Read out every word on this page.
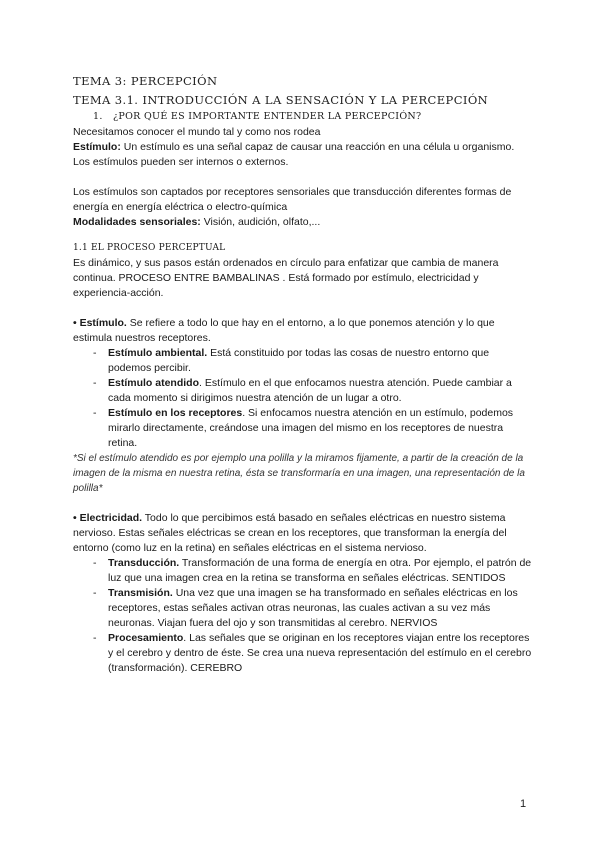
TEMA 3: PERCEPCIÓN
TEMA 3.1. INTRODUCCIÓN A LA SENSACIÓN Y LA PERCEPCIÓN
1. ¿POR QUÉ ES IMPORTANTE ENTENDER LA PERCEPCIÓN?

Necesitamos conocer el mundo tal y como nos rodea

Estímulo: Un estímulo es una señal capaz de causar una reacción en una célula u organismo. Los estímulos pueden ser internos o externos.

Los estímulos son captados por receptores sensoriales que transducción diferentes formas de energía en energía eléctrica o electro-química

Modalidades sensoriales: Visión, audición, olfato,...

1.1 EL PROCESO PERCEPTUAL

Es dinámico, y sus pasos están ordenados en círculo para enfatizar que cambia de manera continua. PROCESO ENTRE BAMBALINAS . Está formado por estímulo, electricidad y experiencia-acción.

• Estímulo. Se refiere a todo lo que hay en el entorno, a lo que ponemos atención y lo que estimula nuestros receptores.

- Estímulo ambiental. Está constituido por todas las cosas de nuestro entorno que podemos percibir.
- Estímulo atendido. Estímulo en el que enfocamos nuestra atención. Puede cambiar a cada momento si dirigimos nuestra atención de un lugar a otro.
- Estímulo en los receptores. Si enfocamos nuestra atención en un estímulo, podemos mirarlo directamente, creándose una imagen del mismo en los receptores de nuestra retina.

*Si el estímulo atendido es por ejemplo una polilla y la miramos fijamente, a partir de la creación de la imagen de la misma en nuestra retina, ésta se transformaría en una imagen, una representación de la polilla*

• Electricidad. Todo lo que percibimos está basado en señales eléctricas en nuestro sistema nervioso. Estas señales eléctricas se crean en los receptores, que transforman la energía del entorno (como luz en la retina) en señales eléctricas en el sistema nervioso.

- Transducción. Transformación de una forma de energía en otra. Por ejemplo, el patrón de luz que una imagen crea en la retina se transforma en señales eléctricas. SENTIDOS
- Transmisión. Una vez que una imagen se ha transformado en señales eléctricas en los receptores, estas señales activan otras neuronas, las cuales activan a su vez más neuronas. Viajan fuera del ojo y son transmitidas al cerebro. NERVIOS
- Procesamiento. Las señales que se originan en los receptores viajan entre los receptores y el cerebro y dentro de éste. Se crea una nueva representación del estímulo en el cerebro (transformación). CEREBRO
1
